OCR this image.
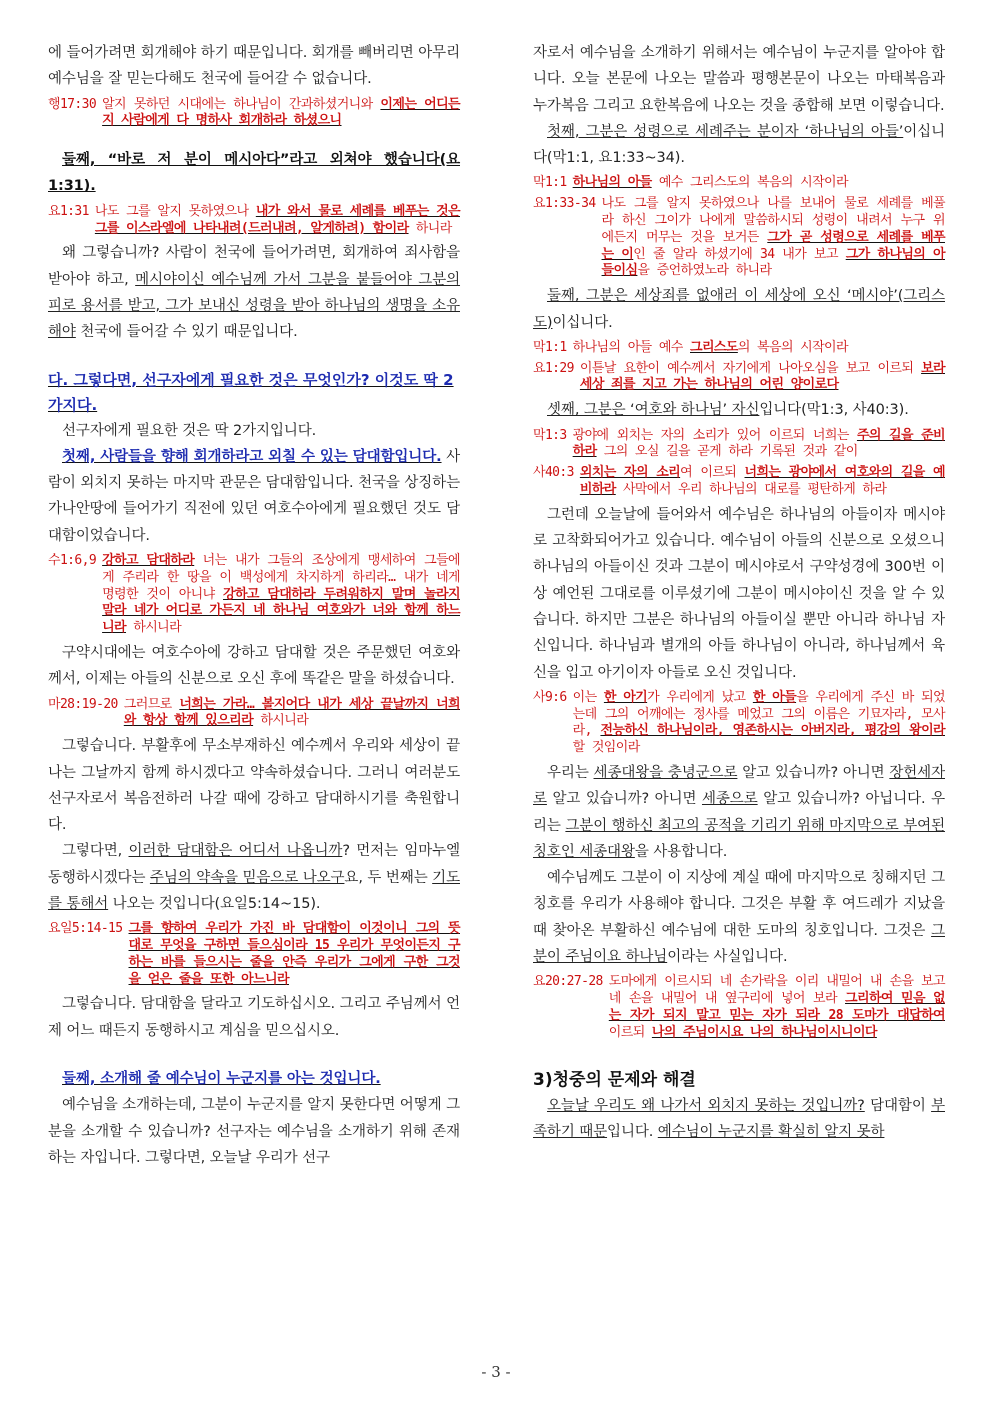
에 들어가려면 회개해야 하기 때문입니다. 회개를 빼버리면 아무리 예수님을 잘 믿는다해도 천국에 들어갈 수 없습니다.

행17:30 알지 못하던 시대에는 하나님이 간과하셨거니와 이제는 어디든지 사람에게 다 명하사 회개하라 하셨으니

둘째, “바로 저 분이 메시아다”라고 외쳐야 했습니다(요1:31).

요1:31 나도 그를 알지 못하였으나 내가 와서 물로 세례를 베푸는 것은 그를 이스라엘에 나타내려(드러내려, 알게하려) 함이라 하니라

왜 그렇습니까? 사람이 천국에 들어가려면, 회개하여 죄사함을 받아야 하고, 메시야이신 예수님께 가서 그분을 붙들어야 그분의 피로 용서를 받고, 그가 보내신 성령을 받아 하나님의 생명을 소유해야 천국에 들어갈 수 있기 때문입니다.

다. 그렇다면, 선구자에게 필요한 것은 무엇인가? 이것도 딱 2가지다.

선구자에게 필요한 것은 딱 2가지입니다.

첫째, 사람들을 향해 회개하라고 외칠 수 있는 담대함입니다. 사람이 외치지 못하는 마지막 관문은 담대함입니다. 천국을 상징하는 가나안땅에 들어가기 직전에 있던 여호수아에게 필요했던 것도 담대함이었습니다.

수1:6,9 강하고 담대하라 너는 내가 그들의 조상에게 맹세하여 그들에게 주리라 한 땅을 이 백성에게 차지하게 하리라… 내가 네게 명령한 것이 아니냐 강하고 담대하라 두려워하지 말며 놀라지 말라 네가 어디로 가든지 네 하나님 여호와가 너와 함께 하느니라 하시니라

구약시대에는 여호수아에 강하고 담대할 것은 주문했던 여호와께서, 이제는 아들의 신분으로 오신 후에 똑같은 말을 하셨습니다.

마28:19-20 그러므로 너희는 가라… 볼지어다 내가 세상 끝날까지 너희와 항상 함께 있으리라 하시니라

그렇습니다. 부활후에 무소부재하신 예수께서 우리와 세상이 끝나는 그날까지 함께 하시겠다고 약속하셨습니다. 그러니 여러분도 선구자로서 복음전하러 나갈 때에 강하고 담대하시기를 축원합니다.

그렇다면, 이러한 담대함은 어디서 나옵니까? 먼저는 임마누엘동행하시겠다는 주님의 약속을 믿음으로 나오구요, 두 번째는 기도를 통해서 나오는 것입니다(요일5:14~15).

요일5:14-15 그를 향하여 우리가 가진 바 담대함이 이것이니 그의 뜻대로 무엇을 구하면 들으심이라 15 우리가 무엇이든지 구하는 바를 들으시는 줄을 안즉 우리가 그에게 구한 그것을 얻은 줄을 또한 아느니라

그렇습니다. 담대함을 달라고 기도하십시오. 그리고 주님께서 언제 어느 때든지 동행하시고 계심을 믿으십시오.

둘째, 소개해 줄 예수님이 누군지를 아는 것입니다.

예수님을 소개하는데, 그분이 누군지를 알지 못한다면 어떻게 그분을 소개할 수 있습니까? 선구자는 예수님을 소개하기 위해 존재하는 자입니다. 그렇다면, 오늘날 우리가 선구

자로서 예수님을 소개하기 위해서는 예수님이 누군지를 알아야 합니다. 오늘 본문에 나오는 말씀과 평행본문이 나오는 마태복음과 누가복음 그리고 요한복음에 나오는 것을 종합해 보면 이렇습니다.

첫째, 그분은 성령으로 세례주는 분이자 ‘하나님의 아들’이십니다(막1:1, 요1:33~34).

막1:1 하나님의 아들 예수 그리스도의 복음의 시작이라
요1:33-34 나도 그를 알지 못하였으나 나를 보내어 물로 세례를 베풀라 하신 그이가 나에게 말씀하시되 성령이 내려서 누구 위에든지 머무는 것을 보거든 그가 곧 성령으로 세례를 베푸는 이인 줄 알라 하셨기에 34 내가 보고 그가 하나님의 아들이심을 증언하였노라 하니라

둘째, 그분은 세상죄를 없애러 이 세상에 오신 ‘메시야’(그리스도)이십니다.

막1:1 하나님의 아들 예수 그리스도의 복음의 시작이라
요1:29 이튿날 요한이 예수께서 자기에게 나아오심을 보고 이르되 보라 세상 죄를 지고 가는 하나님의 어린 양이로다

셋째, 그분은 ‘여호와 하나님’ 자신입니다(막1:3, 사40:3).

막1:3 광야에 외치는 자의 소리가 있어 이르되 너희는 주의 길을 준비하라 그의 오실 길을 곧게 하라 기록된 것과 같이
사40:3 외치는 자의 소리여 이르되 너희는 광야에서 여호와의 길을 예비하라 사막에서 우리 하나님의 대로를 평탄하게 하라

그런데 오늘날에 들어와서 예수님은 하나님의 아들이자 메시야로 고착화되어가고 있습니다. 예수님이 아들의 신분으로 오셨으니 하나님의 아들이신 것과 그분이 메시야로서 구약성경에 300번 이상 예언된 그대로를 이루셨기에 그분이 메시야이신 것을 알 수 있습니다. 하지만 그분은 하나님의 아들이실 뿐만 아니라 하나님 자신입니다. 하나님과 별개의 아들 하나님이 아니라, 하나님께서 육신을 입고 아기이자 아들로 오신 것입니다.

사9:6 이는 한 아기가 우리에게 났고 한 아들을 우리에게 주신 바 되었는데 그의 어깨에는 정사를 메었고 그의 이름은 기묘자라, 모사라, 전능하신 하나님이라, 영존하시는 아버지라, 평강의 왕이라 할 것임이라

우리는 세종대왕을 충녕군으로 알고 있습니까? 아니면 장헌세자로 알고 있습니까? 아니면 세종으로 알고 있습니까? 아닙니다. 우리는 그분이 행하신 최고의 공적을 기리기 위해 마지막으로 부여된 칭호인 세종대왕을 사용합니다.

예수님께도 그분이 이 지상에 계실 때에 마지막으로 칭해지던 그 칭호를 우리가 사용해야 합니다. 그것은 부활 후 여드레가 지났을 때 찾아온 부활하신 예수님에 대한 도마의 칭호입니다. 그것은 그분이 주님이요 하나님이라는 사실입니다.

요20:27-28 도마에게 이르시되 네 손가락을 이리 내밀어 내 손을 보고 네 손을 내밀어 내 옆구리에 넣어 보라 그리하여 믿음 없는 자가 되지 말고 믿는 자가 되라 28 도마가 대답하여 이르되 나의 주님이시요 나의 하나님이시니이다

3)청중의 문제와 해결

오늘날 우리도 왜 나가서 외치지 못하는 것입니까? 담대함이 부족하기 때문입니다. 예수님이 누군지를 확실히 알지 못하

- 3 -
